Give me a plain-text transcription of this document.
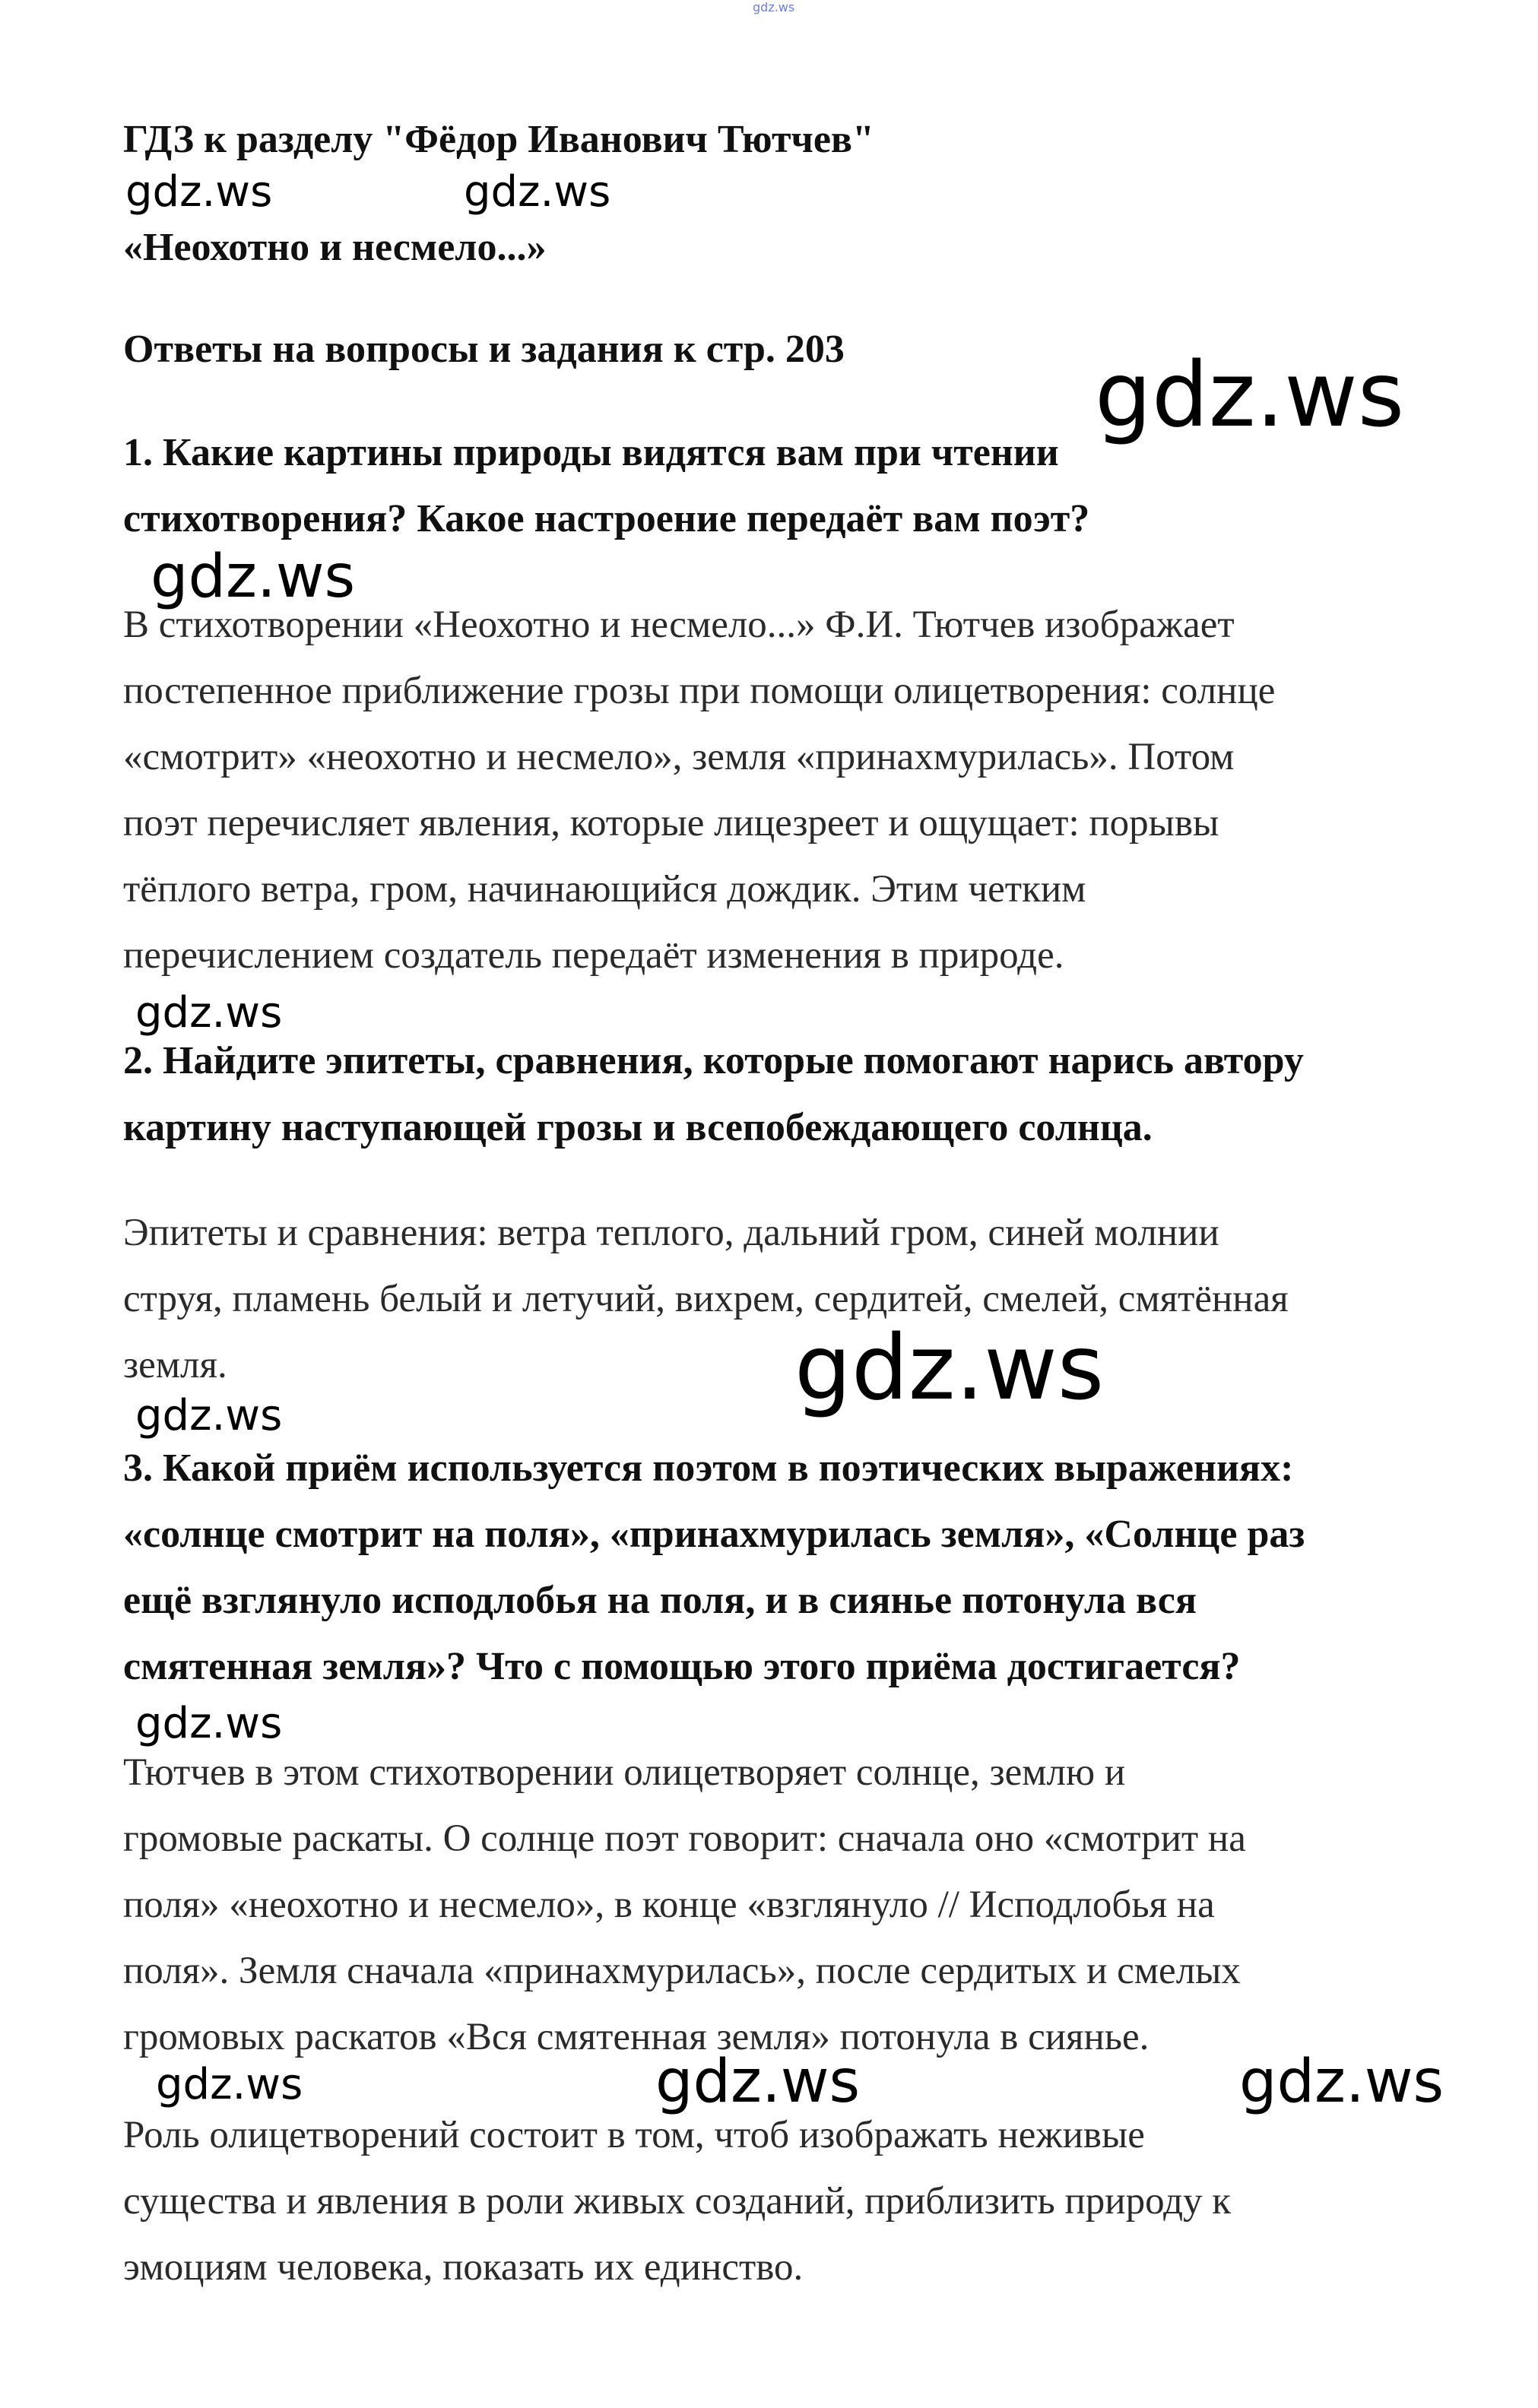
gdz.ws
ГДЗ к разделу "Фёдор Иванович Тютчев"
gdz.ws	gdz.ws
«Неохотно и несмело...»
Ответы на вопросы и задания к стр. 203	gdz.ws
1. Какие картины природы видятся вам при чтении
стихотворения? Какое настроение передаёт вам поэт?
gdz.ws
В стихотворении «Неохотно и несмело...» Ф.И. Тютчев изображает
постепенное приближение грозы при помощи олицетворения: солнце
«смотрит» «неохотно и несмело», земля «принахмурилась». Потом
поэт перечисляет явления, которые лицезреет и ощущает: порывы
тёплого ветра, гром, начинающийся дождик. Этим четким
перечислением создатель передаёт изменения в природе.
gdz.ws
2. Найдите эпитеты, сравнения, которые помогают нарись автору
картину наступающей грозы и всепобеждающего солнца.
Эпитеты и сравнения: ветра теплого, дальний гром, синей молнии
струя, пламень белый и летучий, вихрем, сердитей, смелей, смятённая
земля.	gdz.ws
gdz.ws
3. Какой приём используется поэтом в поэтических выражениях:
«солнце смотрит на поля», «принахмурилась земля», «Солнце раз
ещё взглянуло исподлобья на поля, и в сиянье потонула вся
смятенная земля»? Что с помощью этого приёма достигается?
gdz.ws
Тютчев в этом стихотворении олицетворяет солнце, землю и
громовые раскаты. О солнце поэт говорит: сначала оно «смотрит на
поля» «неохотно и несмело», в конце «взглянуло // Исподлобья на
поля». Земля сначала «принахмурилась», после сердитых и смелых
громовых раскатов «Вся смятенная земля» потонула в сиянье.
gdz.ws	gdz.ws	gdz.ws
Роль олицетворений состоит в том, чтоб изображать неживые
существа и явления в роли живых созданий, приблизить природу к
эмоциям человека, показать их единство.
